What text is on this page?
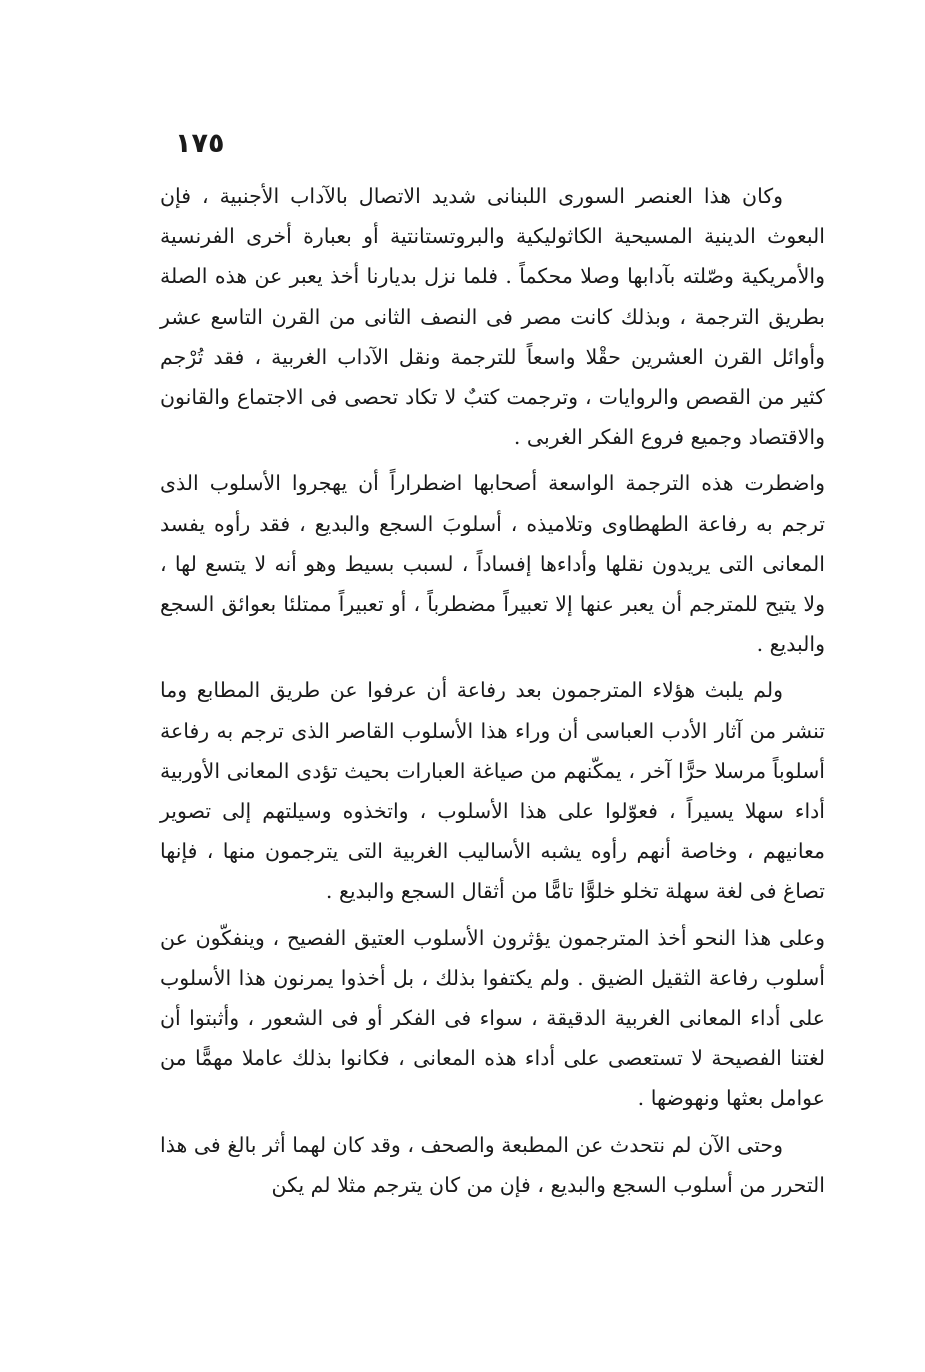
١٧٥

وكان هذا العنصر السورى اللبنانى شديد الاتصال بالآداب الأجنبية ، فإن البعوث الدينية المسيحية الكاثوليكية والبروتستانتية أو بعبارة أخرى الفرنسية والأمريكية وصّلته بآدابها وصلا محكماً . فلما نزل بديارنا أخذ يعبر عن هذه الصلة بطريق الترجمة ، وبذلك كانت مصر فى النصف الثانى من القرن التاسع عشر وأوائل القرن العشرين حقْلا واسعاً للترجمة ونقل الآداب الغربية ، فقد تُرْجم كثير من القصص والروايات ، وترجمت كتبٌ لا تكاد تحصى فى الاجتماع والقانون والاقتصاد وجميع فروع الفكر الغربى .

واضطرت هذه الترجمة الواسعة أصحابها اضطراراً أن يهجروا الأسلوب الذى ترجم به رفاعة الطهطاوى وتلاميذه ، أسلوبَ السجع والبديع ، فقد رأوه يفسد المعانى التى يريدون نقلها وأداءها إفساداً ، لسبب بسيط وهو أنه لا يتسع لها ، ولا يتيح للمترجم أن يعبر عنها إلا تعبيراً مضطرباً ، أو تعبيراً ممتلئا بعوائق السجع والبديع .

ولم يلبث هؤلاء المترجمون بعد رفاعة أن عرفوا عن طريق المطابع وما تنشر من آثار الأدب العباسى أن وراء هذا الأسلوب القاصر الذى ترجم به رفاعة أسلوباً مرسلا حرًّا آخر ، يمكّنهم من صياغة العبارات بحيث تؤدى المعانى الأوربية أداء سهلا يسيراً ، فعوّلوا على هذا الأسلوب ، واتخذوه وسيلتهم إلى تصوير معانيهم ، وخاصة أنهم رأوه يشبه الأساليب الغربية التى يترجمون منها ، فإنها تصاغ فى لغة سهلة تخلو خلوًّا تامًّا من أثقال السجع والبديع .

وعلى هذا النحو أخذ المترجمون يؤثرون الأسلوب العتيق الفصيح ، وينفكّون عن أسلوب رفاعة الثقيل الضيق . ولم يكتفوا بذلك ، بل أخذوا يمرنون هذا الأسلوب على أداء المعانى الغربية الدقيقة ، سواء فى الفكر أو فى الشعور ، وأثبتوا أن لغتنا الفصيحة لا تستعصى على أداء هذه المعانى ، فكانوا بذلك عاملا مهمًّا من عوامل بعثها ونهوضها .

وحتى الآن لم نتحدث عن المطبعة والصحف ، وقد كان لهما أثر بالغ فى هذا التحرر من أسلوب السجع والبديع ، فإن من كان يترجم مثلا لم يكن
